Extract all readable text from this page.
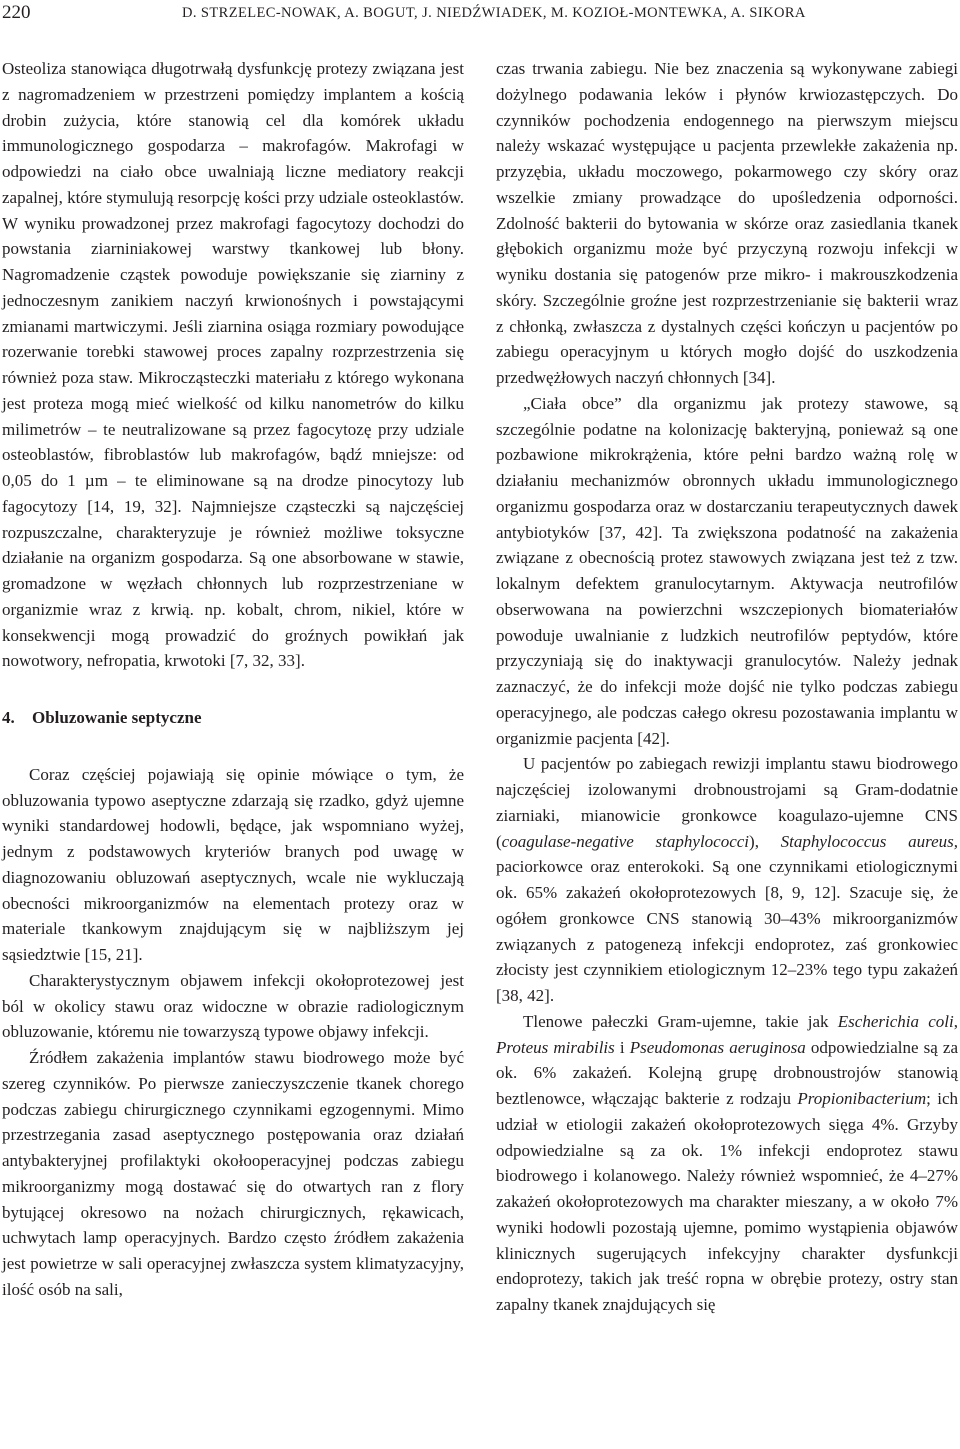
220	D. STRZELEC-NOWAK, A. BOGUT, J. NIEDŹWIADEK, M. KOZIOŁ-MONTEWKA, A. SIKORA

Osteoliza stanowiąca długotrwałą dysfunkcję protezy związana jest z nagromadzeniem w przestrzeni pomiędzy implantem a kością drobin zużycia, które stanowią cel dla komórek układu immunologicznego gospodarza – makrofagów. Makrofagi w odpowiedzi na ciało obce uwalniają liczne mediatory reakcji zapalnej, które stymulują resorpcję kości przy udziale osteoklastów. W wyniku prowadzonej przez makrofagi fagocytozy dochodzi do powstania ziarniniakowej warstwy tkankowej lub błony. Nagromadzenie cząstek powoduje powiększanie się ziarniny z jednoczesnym zanikiem naczyń krwionośnych i powstającymi zmianami martwiczymi. Jeśli ziarnina osiąga rozmiary powodujące rozerwanie torebki stawowej proces zapalny rozprzestrzenia się również poza staw. Mikrocząsteczki materiału z którego wykonana jest proteza mogą mieć wielkość od kilku nanometrów do kilku milimetrów – te neutralizowane są przez fagocytozę przy udziale osteoblastów, fibroblastów lub makrofagów, bądź mniejsze: od 0,05 do 1 µm – te eliminowane są na drodze pinocytozy lub fagocytozy [14, 19, 32]. Najmniejsze cząsteczki są najczęściej rozpuszczalne, charakteryzuje je również możliwe toksyczne działanie na organizm gospodarza. Są one absorbowane w stawie, gromadzone w węzłach chłonnych lub rozprzestrzeniane w organizmie wraz z krwią. np. kobalt, chrom, nikiel, które w konsekwencji mogą prowadzić do groźnych powikłań jak nowotwory, nefropatia, krwotoki [7, 32, 33].

4. Obluzowanie septyczne

Coraz częściej pojawiają się opinie mówiące o tym, że obluzowania typowo aseptyczne zdarzają się rzadko, gdyż ujemne wyniki standardowej hodowli, będące, jak wspomniano wyżej, jednym z podstawowych kryteriów branych pod uwagę w diagnozowaniu obluzowań aseptycznych, wcale nie wykluczają obecności mikroorganizmów na elementach protezy oraz w materiale tkankowym znajdującym się w najbliższym jej sąsiedztwie [15, 21].

Charakterystycznym objawem infekcji okołoprotezowej jest ból w okolicy stawu oraz widoczne w obrazie radiologicznym obluzowanie, któremu nie towarzyszą typowe objawy infekcji.

Źródłem zakażenia implantów stawu biodrowego może być szereg czynników. Po pierwsze zanieczyszczenie tkanek chorego podczas zabiegu chirurgicznego czynnikami egzogennymi. Mimo przestrzegania zasad aseptycznego postępowania oraz działań antybakteryjnej profilaktyki okołooperacyjnej podczas zabiegu mikroorganizmy mogą dostawać się do otwartych ran z flory bytującej okresowo na nożach chirurgicznych, rękawicach, uchwytach lamp operacyjnych. Bardzo często źródłem zakażenia jest powietrze w sali operacyjnej zwłaszcza system klimatyzacyjny, ilość osób na sali,

czas trwania zabiegu. Nie bez znaczenia są wykonywane zabiegi dożylnego podawania leków i płynów krwiozastępczych. Do czynników pochodzenia endogennego na pierwszym miejscu należy wskazać występujące u pacjenta przewlekłe zakażenia np. przyzębia, układu moczowego, pokarmowego czy skóry oraz wszelkie zmiany prowadzące do upośledzenia odporności. Zdolność bakterii do bytowania w skórze oraz zasiedlania tkanek głębokich organizmu może być przyczyną rozwoju infekcji w wyniku dostania się patogenów prze mikro- i makrouszkodzenia skóry. Szczególnie groźne jest rozprzestrzenianie się bakterii wraz z chłonką, zwłaszcza z dystalnych części kończyn u pacjentów po zabiegu operacyjnym u których mogło dojść do uszkodzenia przedwężłowych naczyń chłonnych [34].

„Ciała obce” dla organizmu jak protezy stawowe, są szczególnie podatne na kolonizację bakteryjną, ponieważ są one pozbawione mikrokrążenia, które pełni bardzo ważną rolę w działaniu mechanizmów obronnych układu immunologicznego organizmu gospodarza oraz w dostarczaniu terapeutycznych dawek antybiotyków [37, 42]. Ta zwiększona podatność na zakażenia związane z obecnością protez stawowych związana jest też z tzw. lokalnym defektem granulocytarnym. Aktywacja neutrofilów obserwowana na powierzchni wszczepionych biomateriałów powoduje uwalnianie z ludzkich neutrofilów peptydów, które przyczyniają się do inaktywacji granulocytów. Należy jednak zaznaczyć, że do infekcji może dojść nie tylko podczas zabiegu operacyjnego, ale podczas całego okresu pozostawania implantu w organizmie pacjenta [42].

U pacjentów po zabiegach rewizji implantu stawu biodrowego najczęściej izolowanymi drobnoustrojami są Gram-dodatnie ziarniaki, mianowicie gronkowce koagulazo-ujemne CNS (coagulase-negative staphylococci), Staphylococcus aureus, paciorkowce oraz enterokoki. Są one czynnikami etiologicznymi ok. 65% zakażeń okołoprotezowych [8, 9, 12]. Szacuje się, że ogółem gronkowce CNS stanowią 30–43% mikroorganizmów związanych z patogenezą infekcji endoprotez, zaś gronkowiec złocisty jest czynnikiem etiologicznym 12–23% tego typu zakażeń [38, 42].

Tlenowe pałeczki Gram-ujemne, takie jak Escherichia coli, Proteus mirabilis i Pseudomonas aeruginosa odpowiedzialne są za ok. 6% zakażeń. Kolejną grupę drobnoustrojów stanowią beztlenowce, włączając bakterie z rodzaju Propionibacterium; ich udział w etiologii zakażeń okołoprotezowych sięga 4%. Grzyby odpowiedzialne są za ok. 1% infekcji endoprotez stawu biodrowego i kolanowego. Należy również wspomnieć, że 4–27% zakażeń okołoprotezowych ma charakter mieszany, a w około 7% wyniki hodowli pozostają ujemne, pomimo wystąpienia objawów klinicznych sugerujących infekcyjny charakter dysfunkcji endoprotezy, takich jak treść ropna w obrębie protezy, ostry stan zapalny tkanek znajdujących się
